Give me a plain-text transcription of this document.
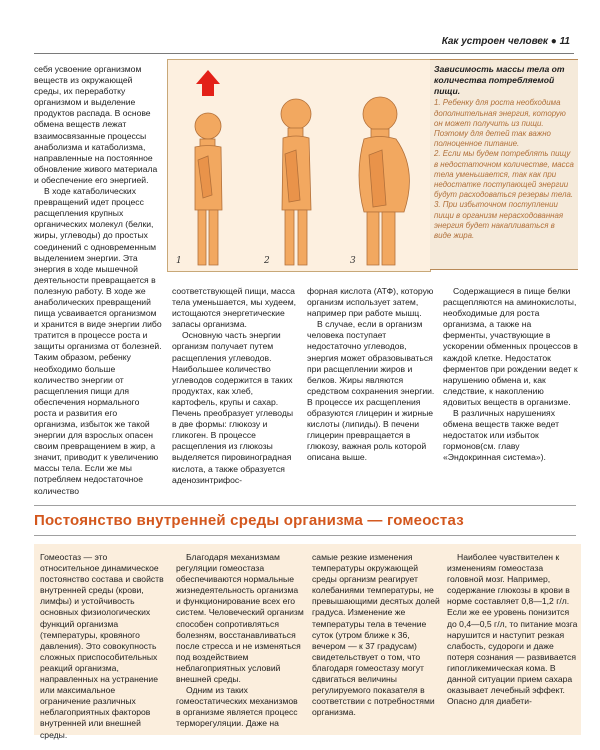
Как устроен человек ● 11

себя усвоение организмом веществ из окружающей среды, их переработку организмом и выделение продуктов распада. В основе обмена веществ лежат взаимосвязанные процессы анаболизма и катаболизма, направленные на постоянное обновление живого материала и обеспечение его энергией.

В ходе катаболических превращений идет процесс расщепления крупных органических молекул (белки, жиры, углеводы) до простых соединений с одновременным выделением энергии. Эта энергия в ходе мышечной деятельности превращается в полезную работу. В ходе же анаболических превращений пища усваивается организмом и хранится в виде энергии либо тратится в процессе роста и защиты организма от болезней. Таким образом, ребенку необходимо больше количество энергии от расщепления пищи для обеспечения нормального роста и развития его организма, избыток же такой энергии для взрослых опасен своим превращением в жир, а значит, приводит к увеличению массы тела. Если же мы потребляем недостаточное количество

1	2	3

Зависимость массы тела от количества потребляемой пищи.

1. Ребенку для роста необходима дополнительная энергия, которую он может получить из пищи. Поэтому для детей так важно полноценное питание.

2. Если мы будем потреблять пищу в недостаточном количестве, масса тела уменьшается, так как при недостатке поступающей энергии будут расходоваться резервы тела.

3. При избыточном поступлении пищи в организм нерасходованная энергия будет накапливаться в виде жира.

соответствующей пищи, масса тела уменьшается, мы худеем, истощаются энергетические запасы организма.

Основную часть энергии организм получает путем расщепления углеводов. Наибольшее количество углеводов содержится в таких продуктах, как хлеб, картофель, крупы и сахар. Печень преобразует углеводы в две формы: глюкозу и гликоген. В процессе расщепления из глюкозы выделяется пировиноградная кислота, а также образуется аденозинтрифос-

форная кислота (АТФ), которую организм использует затем, например при работе мышц.

В случае, если в организм человека поступает недостаточно углеводов, энергия может образовываться при расщеплении жиров и белков. Жиры являются средством сохранения энергии. В процессе их расщепления образуются глицерин и жирные кислоты (липиды). В печени глицерин превращается в глюкозу, важная роль которой описана выше.

Содержащиеся в пище белки расщепляются на аминокислоты, необходимые для роста организма, а также на ферменты, участвующие в ускорении обменных процессов в каждой клетке. Недостаток ферментов при рождении ведет к нарушению обмена и, как следствие, к накоплению ядовитых веществ в организме.

В различных нарушениях обмена веществ также ведет недостаток или избыток гормонов(см. главу «Эндокринная система»).

Постоянство внутренней среды организма — гомеостаз

Гомеостаз — это относительное динамическое постоянство состава и свойств внутренней среды (крови, лимфы) и устойчивость основных физиологических функций организма (температуры, кровяного давления). Это совокупность сложных приспособительных реакций организма, направленных на устранение или максимальное ограничение различных неблагоприятных факторов внутренней или внешней среды.

Благодаря механизмам регуляции гомеостаза обеспечиваются нормальные жизнедеятельность организма и функционирование всех его систем. Человеческий организм способен сопротивляться болезням, восстанавливаться после стресса и не изменяться под воздействием неблагоприятных условий внешней среды.

Одним из таких гомеостатических механизмов в организме является процесс терморегуляции. Даже на

самые резкие изменения температуры окружающей среды организм реагирует колебаниями температуры, не превышающими десятых долей градуса. Изменение же температуры тела в течение суток (утром ближе к 36, вечером — к 37 градусам) свидетельствует о том, что благодаря гомеостазу могут сдвигаться величины регулируемого показателя в соответствии с потребностями организма.

Наиболее чувствителен к изменениям гомеостаза головной мозг. Например, содержание глюкозы в крови в норме составляет 0,8—1,2 г/л. Если же ее уровень понизится до 0,4—0,5 г/л, то питание мозга нарушится и наступит резкая слабость, судороги и даже потеря сознания — развивается гипогликемическая кома. В данной ситуации прием сахара оказывает лечебный эффект. Опасно для диабети-
